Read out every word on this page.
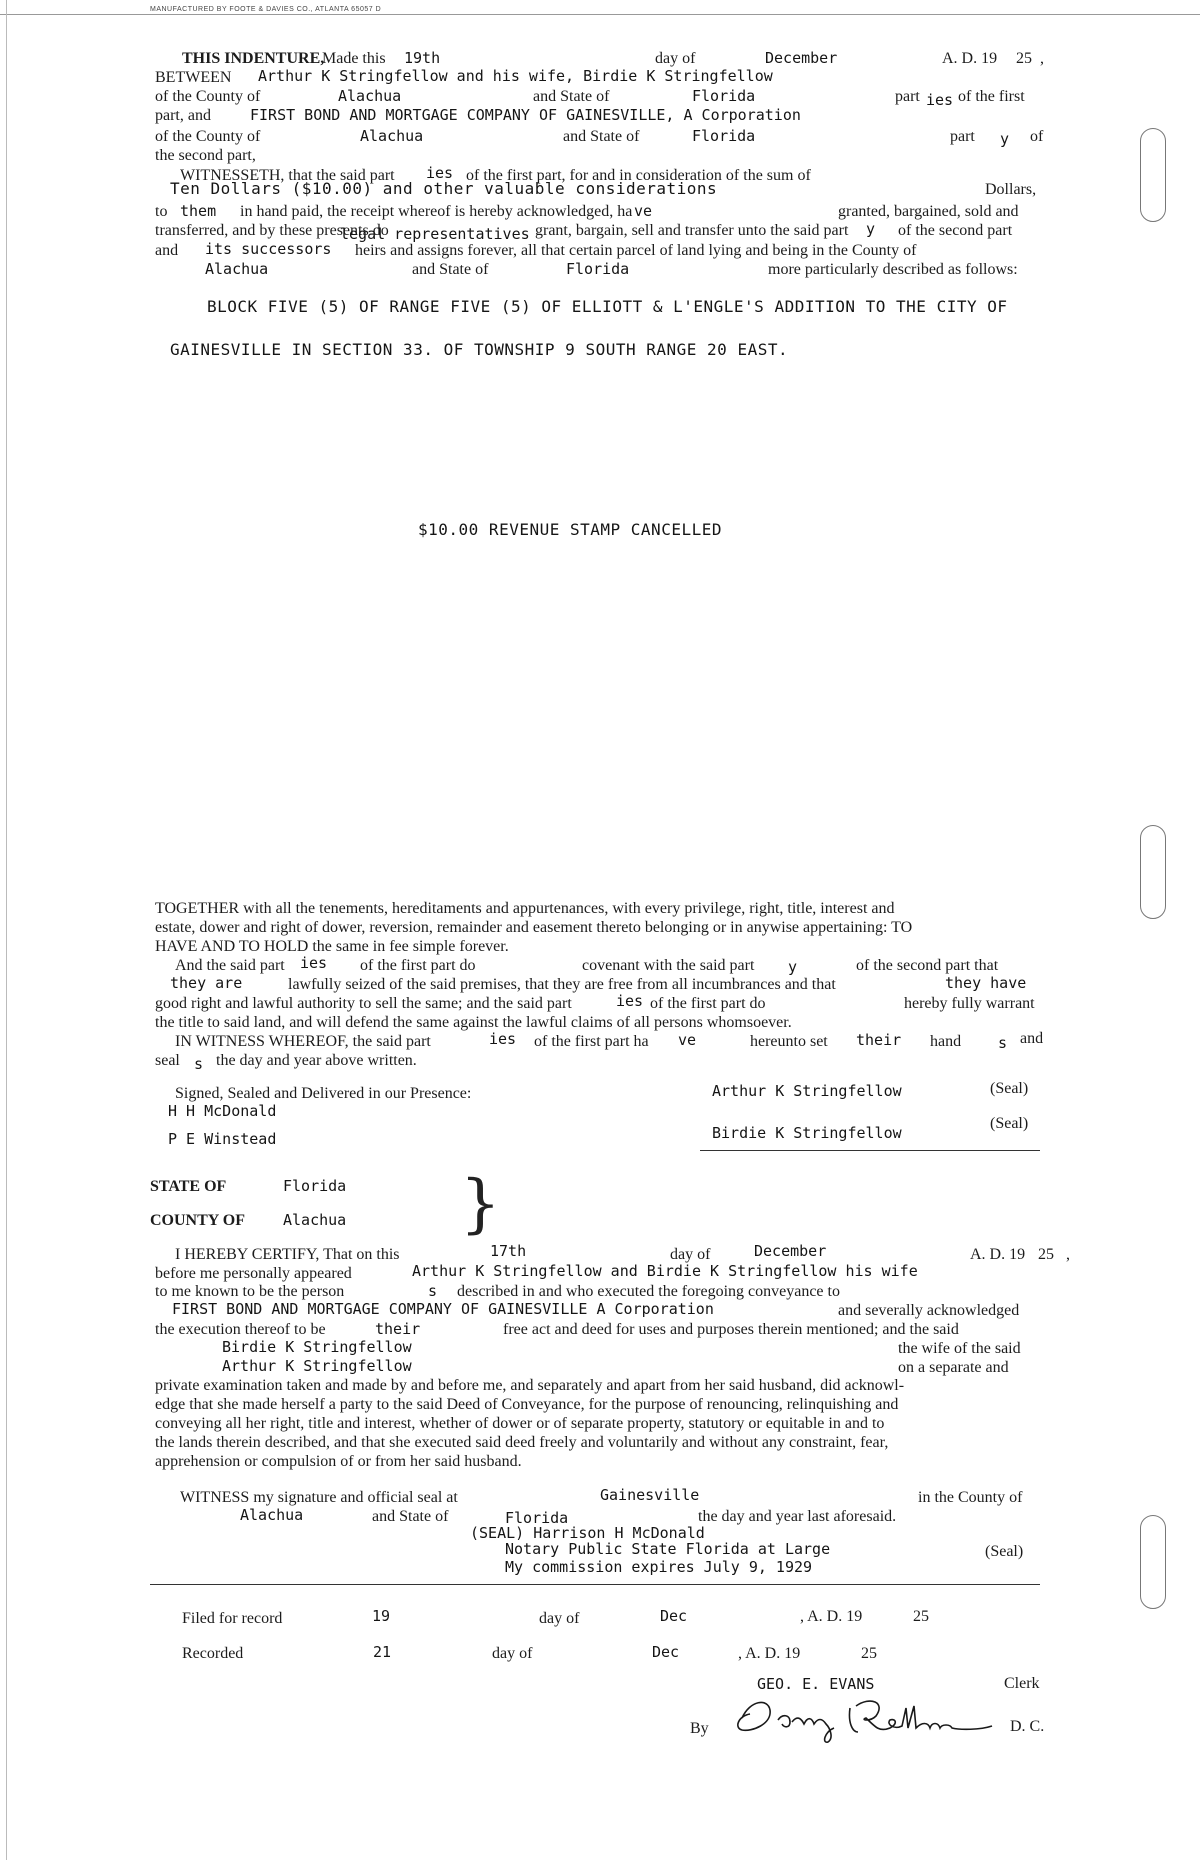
MANUFACTURED BY FOOTE & DAVIES CO., ATLANTA 65057 D
THIS INDENTURE,
Made this 19th	day of	December	A. D. 19 25 ,
BETWEEN Arthur K Stringfellow and his wife, Birdie K Stringfellow
of the County of	Alachua	and State of	Florida	part ies of the first
part, and	FIRST BOND AND MORTGAGE COMPANY OF GAINESVILLE, A Corporation
of the County of	Alachua	and State of	Florida	part y of
the second part,
WITNESSETH, that the said part ies of the first part, for and in consideration of the sum of
Ten Dollars ($10.00) and other valuable considerations	Dollars,
to them in hand paid, the receipt whereof is hereby acknowledged, ha ve	granted, bargained, sold and
transferred, and by these presents do
legal representatives grant, bargain, sell and transfer unto the said part y of the second part
and its successors heirs and assigns forever, all that certain parcel of land lying and being in the County of
Alachua	and State of	Florida	more particularly described as follows:
BLOCK FIVE (5) OF RANGE FIVE (5) OF ELLIOTT & L'ENGLE'S ADDITION TO THE CITY OF
GAINESVILLE IN SECTION 33. OF TOWNSHIP 9 SOUTH RANGE 20 EAST.
$10.00 REVENUE STAMP CANCELLED
TOGETHER with all the tenements, hereditaments and appurtenances, with every privilege, right, title, interest and
estate, dower and right of dower, reversion, remainder and easement thereto belonging or in anywise appertaining: TO
HAVE AND TO HOLD the same in fee simple forever.
And the said part ies of the first part do	covenant with the said part y	of the second part that
they are	lawfully seized of the said premises, that they are free from all incumbrances and that	they have
good right and lawful authority to sell the same; and the said part	ies of the first part do	hereby fully warrant
the title to said land, and will defend the same against the lawful claims of all persons whomsoever.
IN WITNESS WHEREOF, the said part	ies of the first part ha ve	hereunto set their hand s and
seal s the day and year above written.
Signed, Sealed and Delivered in our Presence:
H H McDonald
P E Winstead
Arthur K Stringfellow
Birdie K Stringfellow
(Seal)
(Seal)
STATE OF	Florida
COUNTY OF	Alachua }
I HEREBY CERTIFY, That on this	17th	day of	December	A. D. 19 25 ,
before me personally appeared	Arthur K Stringfellow and Birdie K Stringfellow his wife
to me known to be the person	s described in and who executed the foregoing conveyance to
FIRST BOND AND MORTGAGE COMPANY OF GAINESVILLE A Corporation	and severally acknowledged
the execution thereof to be	their	free act and deed for uses and purposes therein mentioned; and the said
Birdie K Stringfellow	the wife of the said
Arthur K Stringfellow	on a separate and
private examination taken and made by and before me, and separately and apart from her said husband, did acknowl-
edge that she made herself a party to the said Deed of Conveyance, for the purpose of renouncing, relinquishing and
conveying all her right, title and interest, whether of dower or of separate property, statutory or equitable in and to
the lands therein described, and that she executed said deed freely and voluntarily and without any constraint, fear,
apprehension or compulsion of or from her said husband.
WITNESS my signature and official seal at	Gainesville	in the County of
Alachua	and State of	Florida	the day and year last aforesaid.
(SEAL) Harrison H McDonald
Notary Public State Florida at Large
My commission expires July 9, 1929
(Seal)
Filed for record	19	day of	Dec	, A. D. 19	25
Recorded	21	day of	Dec	, A. D. 19	25
GEO. E. EVANS	Clerk
By	D. C.
